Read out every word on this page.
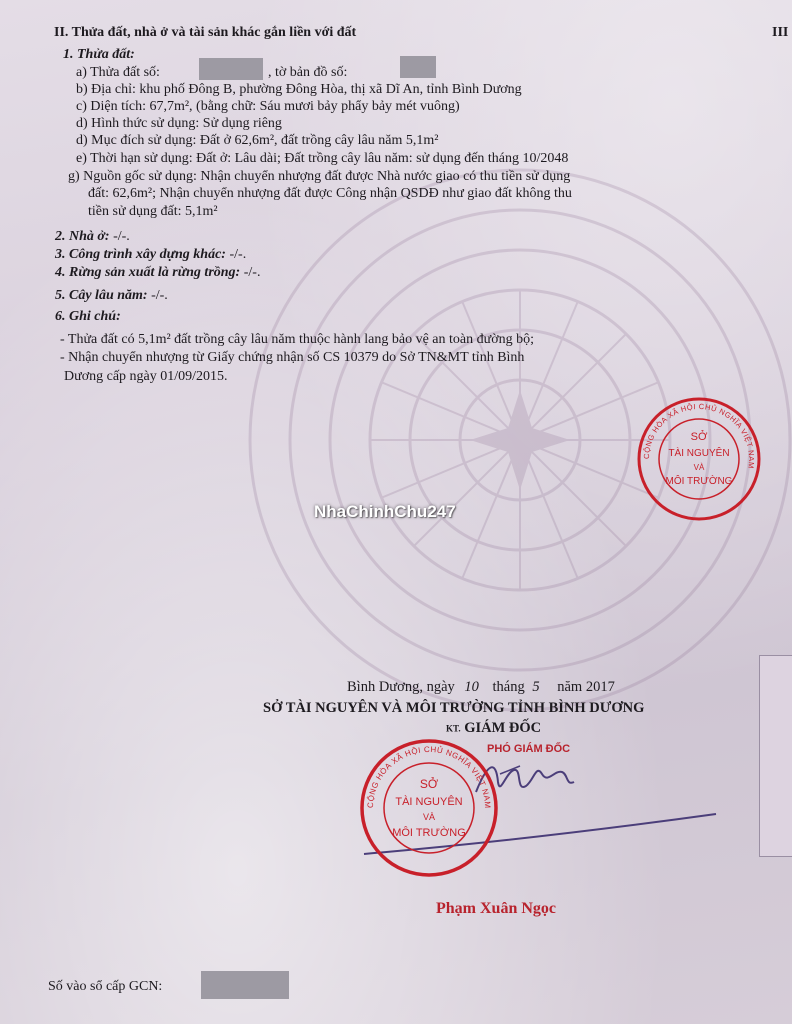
II. Thửa đất, nhà ở và tài sản khác gắn liền với đất	III
1. Thửa đất:
a) Thửa đất số:	, tờ bản đồ số:
b) Địa chỉ: khu phố Đông B, phường Đông Hòa, thị xã Dĩ An, tỉnh Bình Dương
c) Diện tích: 67,7m², (bằng chữ: Sáu mươi bảy phẩy bảy mét vuông)
d) Hình thức sử dụng: Sử dụng riêng
d) Mục đích sử dụng: Đất ở 62,6m², đất trồng cây lâu năm 5,1m²
e) Thời hạn sử dụng: Đất ở: Lâu dài; Đất trồng cây lâu năm: sử dụng đến tháng 10/2048
g) Nguồn gốc sử dụng: Nhận chuyển nhượng đất được Nhà nước giao có thu tiền sử dụng
đất: 62,6m²; Nhận chuyển nhượng đất được Công nhận QSDĐ như giao đất không thu
tiền sử dụng đất: 5,1m²
2. Nhà ở: -/-.
3. Công trình xây dựng khác: -/-.
4. Rừng sản xuất là rừng trồng: -/-.
5. Cây lâu năm: -/-.
6. Ghi chú:
- Thửa đất có 5,1m² đất trồng cây lâu năm thuộc hành lang bảo vệ an toàn đường bộ;
- Nhận chuyển nhượng từ Giấy chứng nhận số CS 10379 do Sở TN&MT tỉnh Bình
Dương cấp ngày 01/09/2015.
CỘNG HÒA XÃ HỘI CHỦ NGHĨA VIỆT NAM
SỞ
TÀI NGUYÊN
VÀ
MÔI TRƯỜNG
NhaChinhChu247
Bình Dương, ngày 10 tháng 5 năm 2017
SỞ TÀI NGUYÊN VÀ MÔI TRƯỜNG TỈNH BÌNH DƯƠNG
KT. GIÁM ĐỐC
PHÓ GIÁM ĐỐC
CỘNG HÒA XÃ HỘI CHỦ NGHĨA VIỆT NAM
SỞ
TÀI NGUYÊN
VÀ
MÔI TRƯỜNG
Phạm Xuân Ngọc
Số vào sổ cấp GCN:
